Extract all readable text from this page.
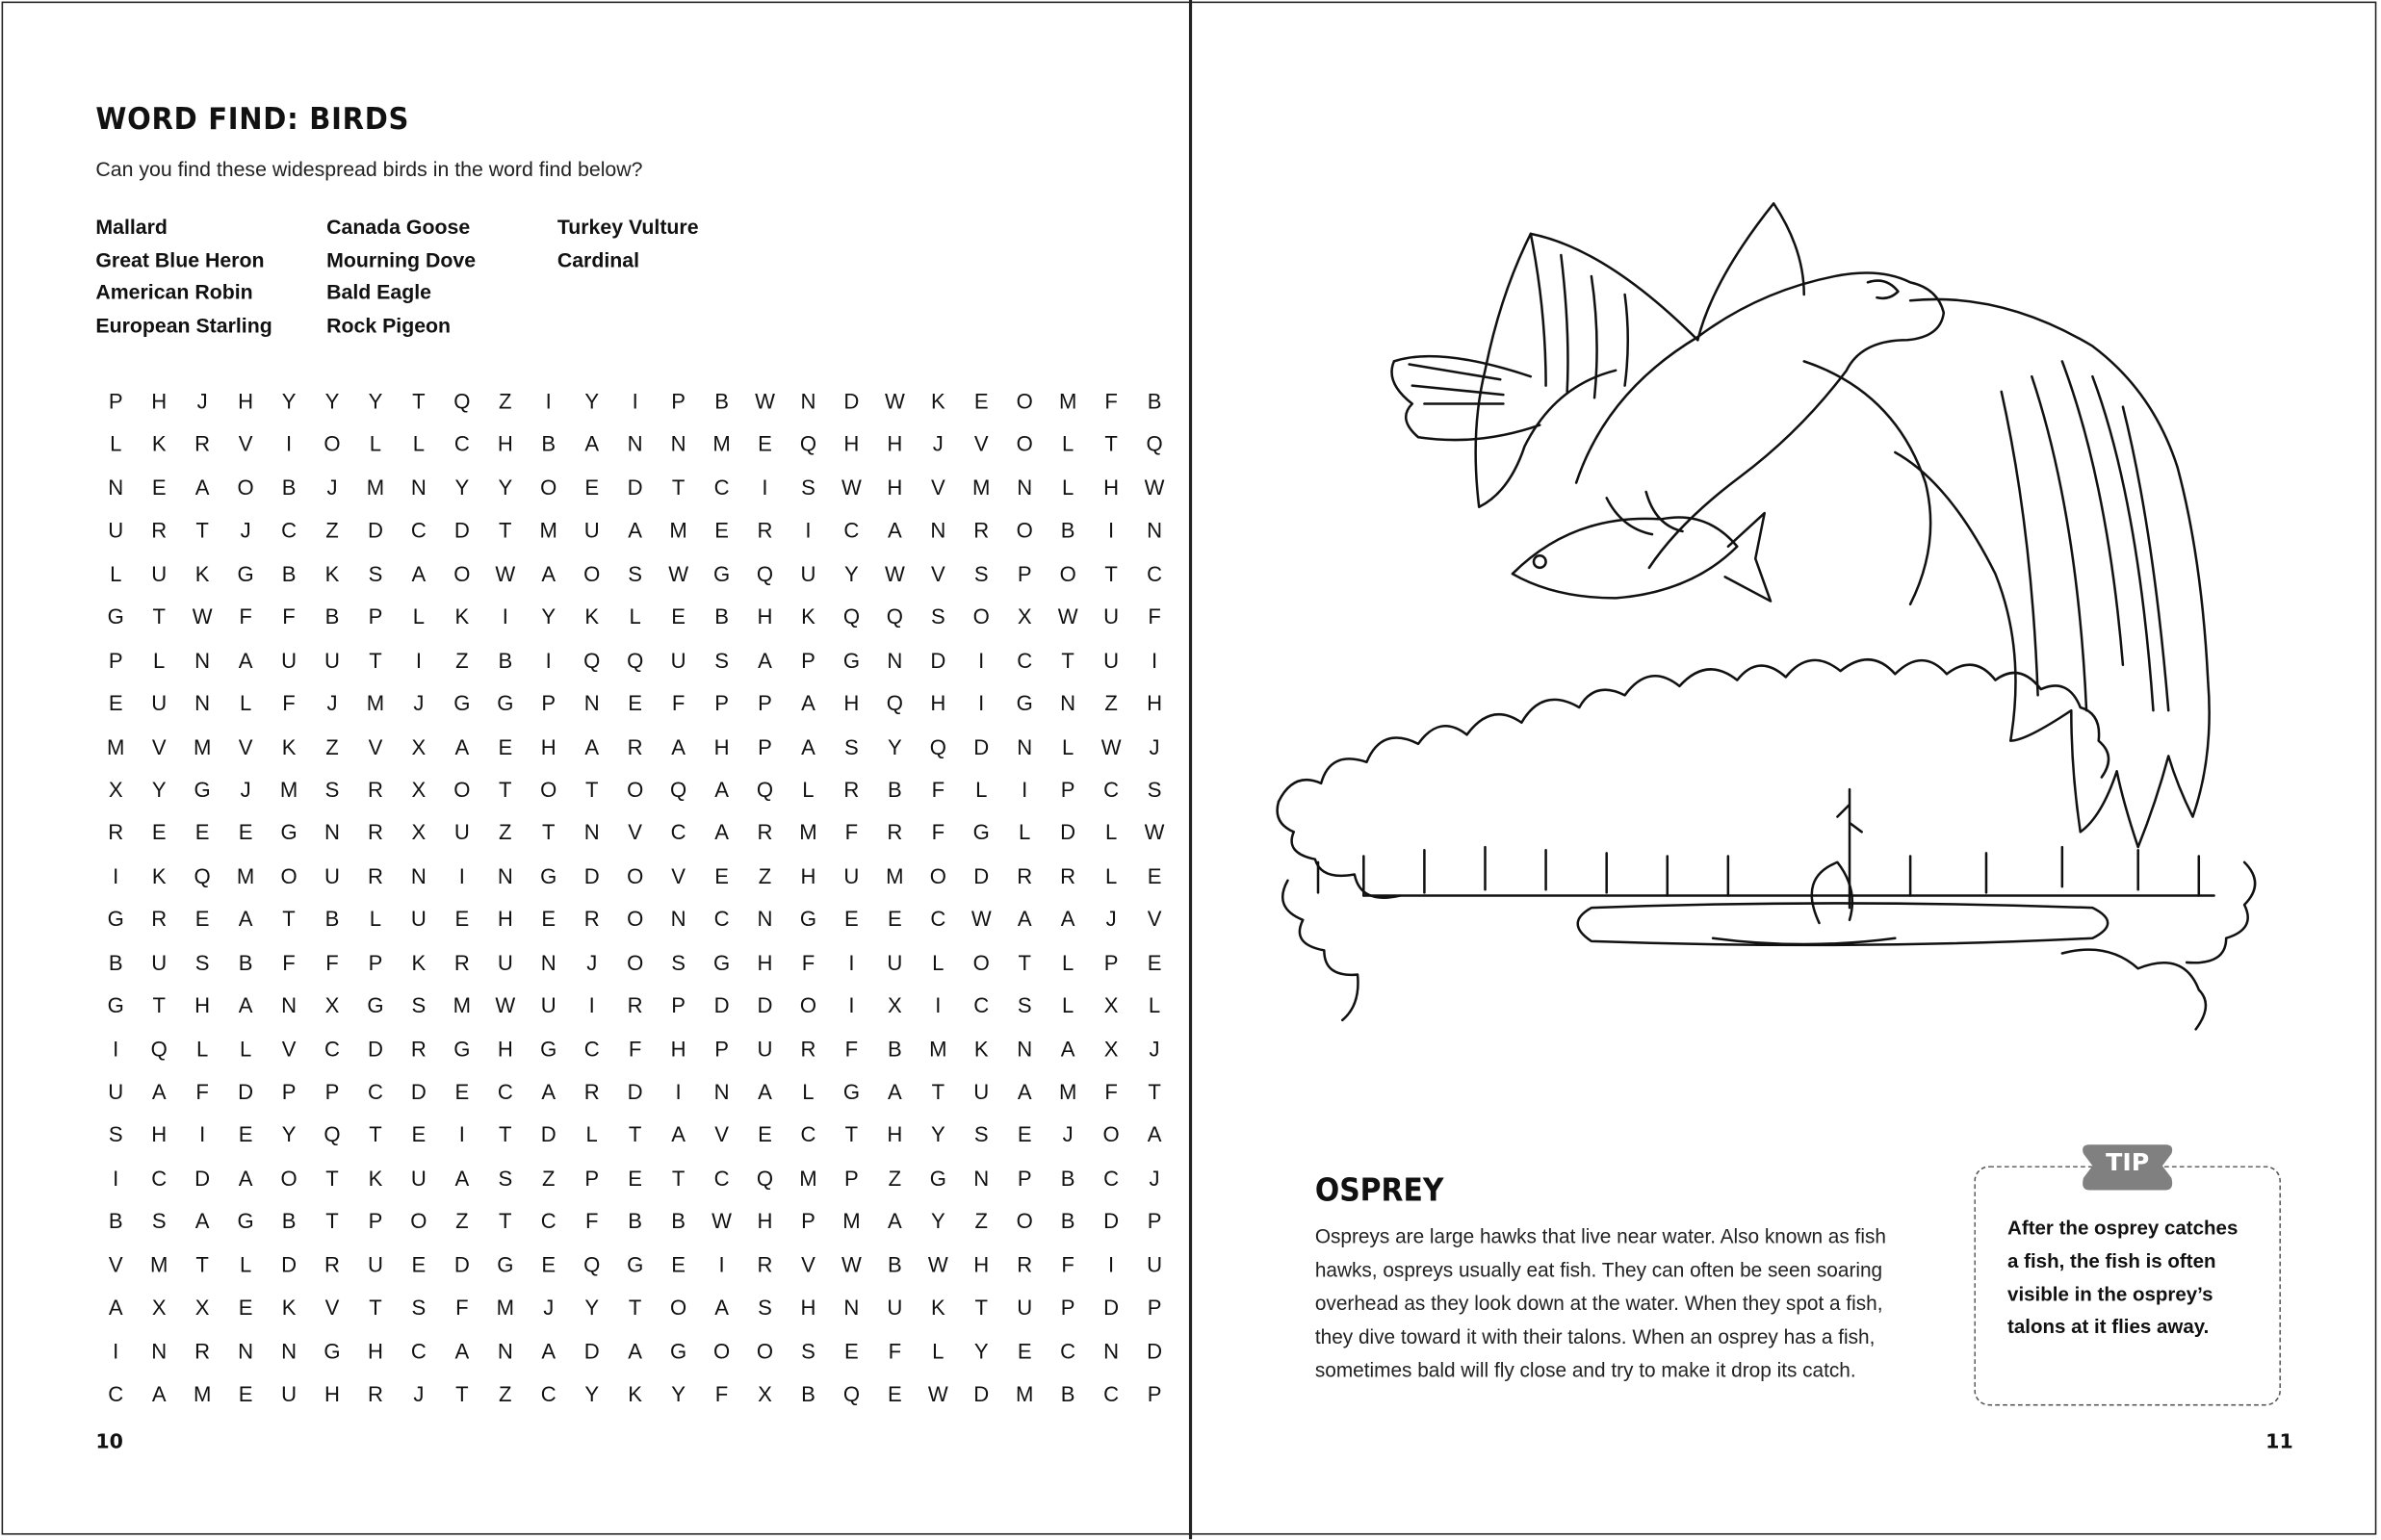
WORD FIND: BIRDS
Can you find these widespread birds in the word find below?
Mallard
Great Blue Heron
American Robin
European Starling
Canada Goose
Mourning Dove
Bald Eagle
Rock Pigeon
Turkey Vulture
Cardinal
P	H	J	H	Y	Y	Y	T	Q	Z	I	Y	I	P	B	W	N	D	W	K	E	O	M	F	B
L	K	R	V	I	O	L	L	C	H	B	A	N	N	M	E	Q	H	H	J	V	O	L	T	Q
N	E	A	O	B	J	M	N	Y	Y	O	E	D	T	C	I	S	W	H	V	M	N	L	H	W
U	R	T	J	C	Z	D	C	D	T	M	U	A	M	E	R	I	C	A	N	R	O	B	I	N
L	U	K	G	B	K	S	A	O	W	A	O	S	W	G	Q	U	Y	W	V	S	P	O	T	C
G	T	W	F	F	B	P	L	K	I	Y	K	L	E	B	H	K	Q	Q	S	O	X	W	U	F
P	L	N	A	U	U	T	I	Z	B	I	Q	Q	U	S	A	P	G	N	D	I	C	T	U	I
E	U	N	L	F	J	M	J	G	G	P	N	E	F	P	P	A	H	Q	H	I	G	N	Z	H
M	V	M	V	K	Z	V	X	A	E	H	A	R	A	H	P	A	S	Y	Q	D	N	L	W	J
X	Y	G	J	M	S	R	X	O	T	O	T	O	Q	A	Q	L	R	B	F	L	I	P	C	S
R	E	E	E	G	N	R	X	U	Z	T	N	V	C	A	R	M	F	R	F	G	L	D	L	W
I	K	Q	M	O	U	R	N	I	N	G	D	O	V	E	Z	H	U	M	O	D	R	R	L	E
G	R	E	A	T	B	L	U	E	H	E	R	O	N	C	N	G	E	E	C	W	A	A	J	V
B	U	S	B	F	F	P	K	R	U	N	J	O	S	G	H	F	I	U	L	O	T	L	P	E
G	T	H	A	N	X	G	S	M	W	U	I	R	P	D	D	O	I	X	I	C	S	L	X	L
I	Q	L	L	V	C	D	R	G	H	G	C	F	H	P	U	R	F	B	M	K	N	A	X	J
U	A	F	D	P	P	C	D	E	C	A	R	D	I	N	A	L	G	A	T	U	A	M	F	T
S	H	I	E	Y	Q	T	E	I	T	D	L	T	A	V	E	C	T	H	Y	S	E	J	O	A
I	C	D	A	O	T	K	U	A	S	Z	P	E	T	C	Q	M	P	Z	G	N	P	B	C	J
B	S	A	G	B	T	P	O	Z	T	C	F	B	B	W	H	P	M	A	Y	Z	O	B	D	P
V	M	T	L	D	R	U	E	D	G	E	Q	G	E	I	R	V	W	B	W	H	R	F	I	U
A	X	X	E	K	V	T	S	F	M	J	Y	T	O	A	S	H	N	U	K	T	U	P	D	P
I	N	R	N	N	G	H	C	A	N	A	D	A	G	O	O	S	E	F	L	Y	E	C	N	D
C	A	M	E	U	H	R	J	T	Z	C	Y	K	Y	F	X	B	Q	E	W	D	M	B	C	P
10
OSPREY
Ospreys are large hawks that live near water. Also known as fish hawks, ospreys usually eat fish. They can often be seen soaring overhead as they look down at the water. When they spot a fish, they dive toward it with their talons. When an osprey has a fish, sometimes bald will fly close and try to make it drop its catch.
TIP
After the osprey catches a fish, the fish is often visible in the osprey’s talons at it flies away.
11
